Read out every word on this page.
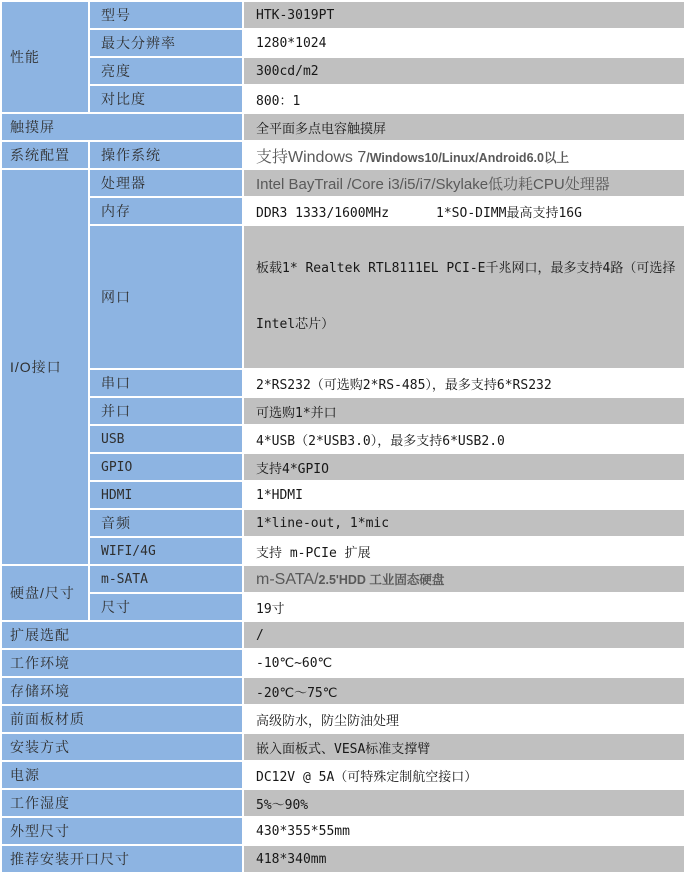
性能	型号	HTK-3019PT
	最大分辨率	1280*1024
	亮度	300cd/m2
	对比度	800：1
触摸屏		全平面多点电容触摸屏
系统配置	操作系统	支持Windows 7/Windows10/Linux/Android6.0以上
I/O接口	处理器	Intel BayTrail /Core i3/i5/i7/Skylake低功耗CPU处理器
	内存	DDR3 1333/1600MHz      1*SO-DIMM最高支持16G
	网口	板载1* Realtek RTL8111EL PCI-E千兆网口，最多支持4路（可选择

Intel芯片）

	串口	2*RS232（可选购2*RS-485），最多支持6*RS232
	并口	可选购1*并口
	USB	4*USB（2*USB3.0），最多支持6*USB2.0
	GPIO	支持4*GPIO
	HDMI	1*HDMI
	音频	1*line-out, 1*mic
	WIFI/4G	支持 m-PCIe 扩展
硬盘/尺寸	m-SATA	m-SATA/2.5'HDD 工业固态硬盘
	尺寸	19寸
扩展选配		/
工作环境		-10℃~60℃
存储环境		-20℃～75℃
前面板材质		高级防水，防尘防油处理
安装方式		嵌入面板式、VESA标准支撑臂
电源		DC12V @ 5A（可特殊定制航空接口）
工作湿度		5%～90%
外型尺寸		430*355*55mm
推荐安装开口尺寸		418*340mm
